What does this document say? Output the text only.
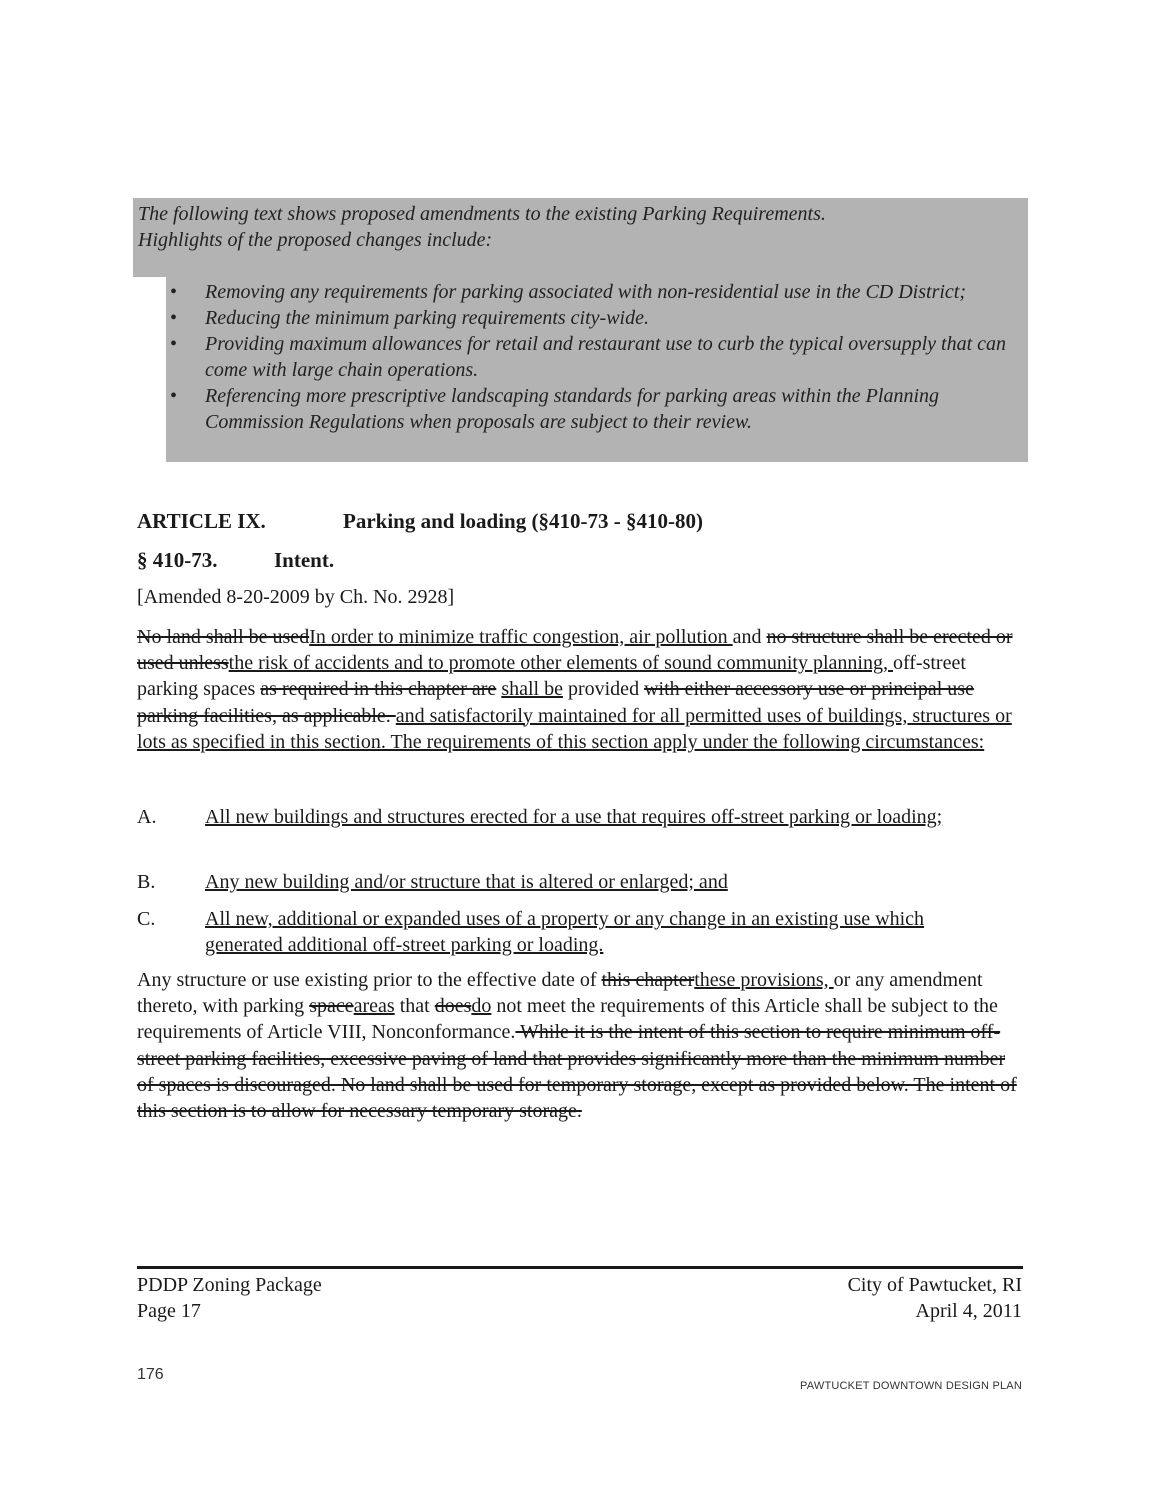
The following text shows proposed amendments to the existing Parking Requirements.
Highlights of the proposed changes include:
• Removing any requirements for parking associated with non-residential use in the CD District;
• Reducing the minimum parking requirements city-wide.
• Providing maximum allowances for retail and restaurant use to curb the typical oversupply that can come with large chain operations.
• Referencing more prescriptive landscaping standards for parking areas within the Planning Commission Regulations when proposals are subject to their review.
ARTICLE IX.	Parking and loading (§410-73 - §410-80)
§ 410-73.	Intent.
[Amended 8-20-2009 by Ch. No. 2928]
No land shall be usedIn order to minimize traffic congestion, air pollution and no structure shall be erected or used unlessthe risk of accidents and to promote other elements of sound community planning, off-street parking spaces as required in this chapter are shall be provided with either accessory use or principal use parking facilities, as applicable. and satisfactorily maintained for all permitted uses of buildings, structures or lots as specified in this section. The requirements of this section apply under the following circumstances:
A. All new buildings and structures erected for a use that requires off-street parking or loading;
B. Any new building and/or structure that is altered or enlarged; and
C. All new, additional or expanded uses of a property or any change in an existing use which generated additional off-street parking or loading.
Any structure or use existing prior to the effective date of this chapterthese provisions, or any amendment thereto, with parking spaceareas that doesdo not meet the requirements of this Article shall be subject to the requirements of Article VIII, Nonconformance. While it is the intent of this section to require minimum off-street parking facilities, excessive paving of land that provides significantly more than the minimum number of spaces is discouraged. No land shall be used for temporary storage, except as provided below. The intent of this section is to allow for necessary temporary storage.
PDDP Zoning Package
Page 17
City of Pawtucket, RI
April 4, 2011
176
PAWTUCKET DOWNTOWN DESIGN PLAN
